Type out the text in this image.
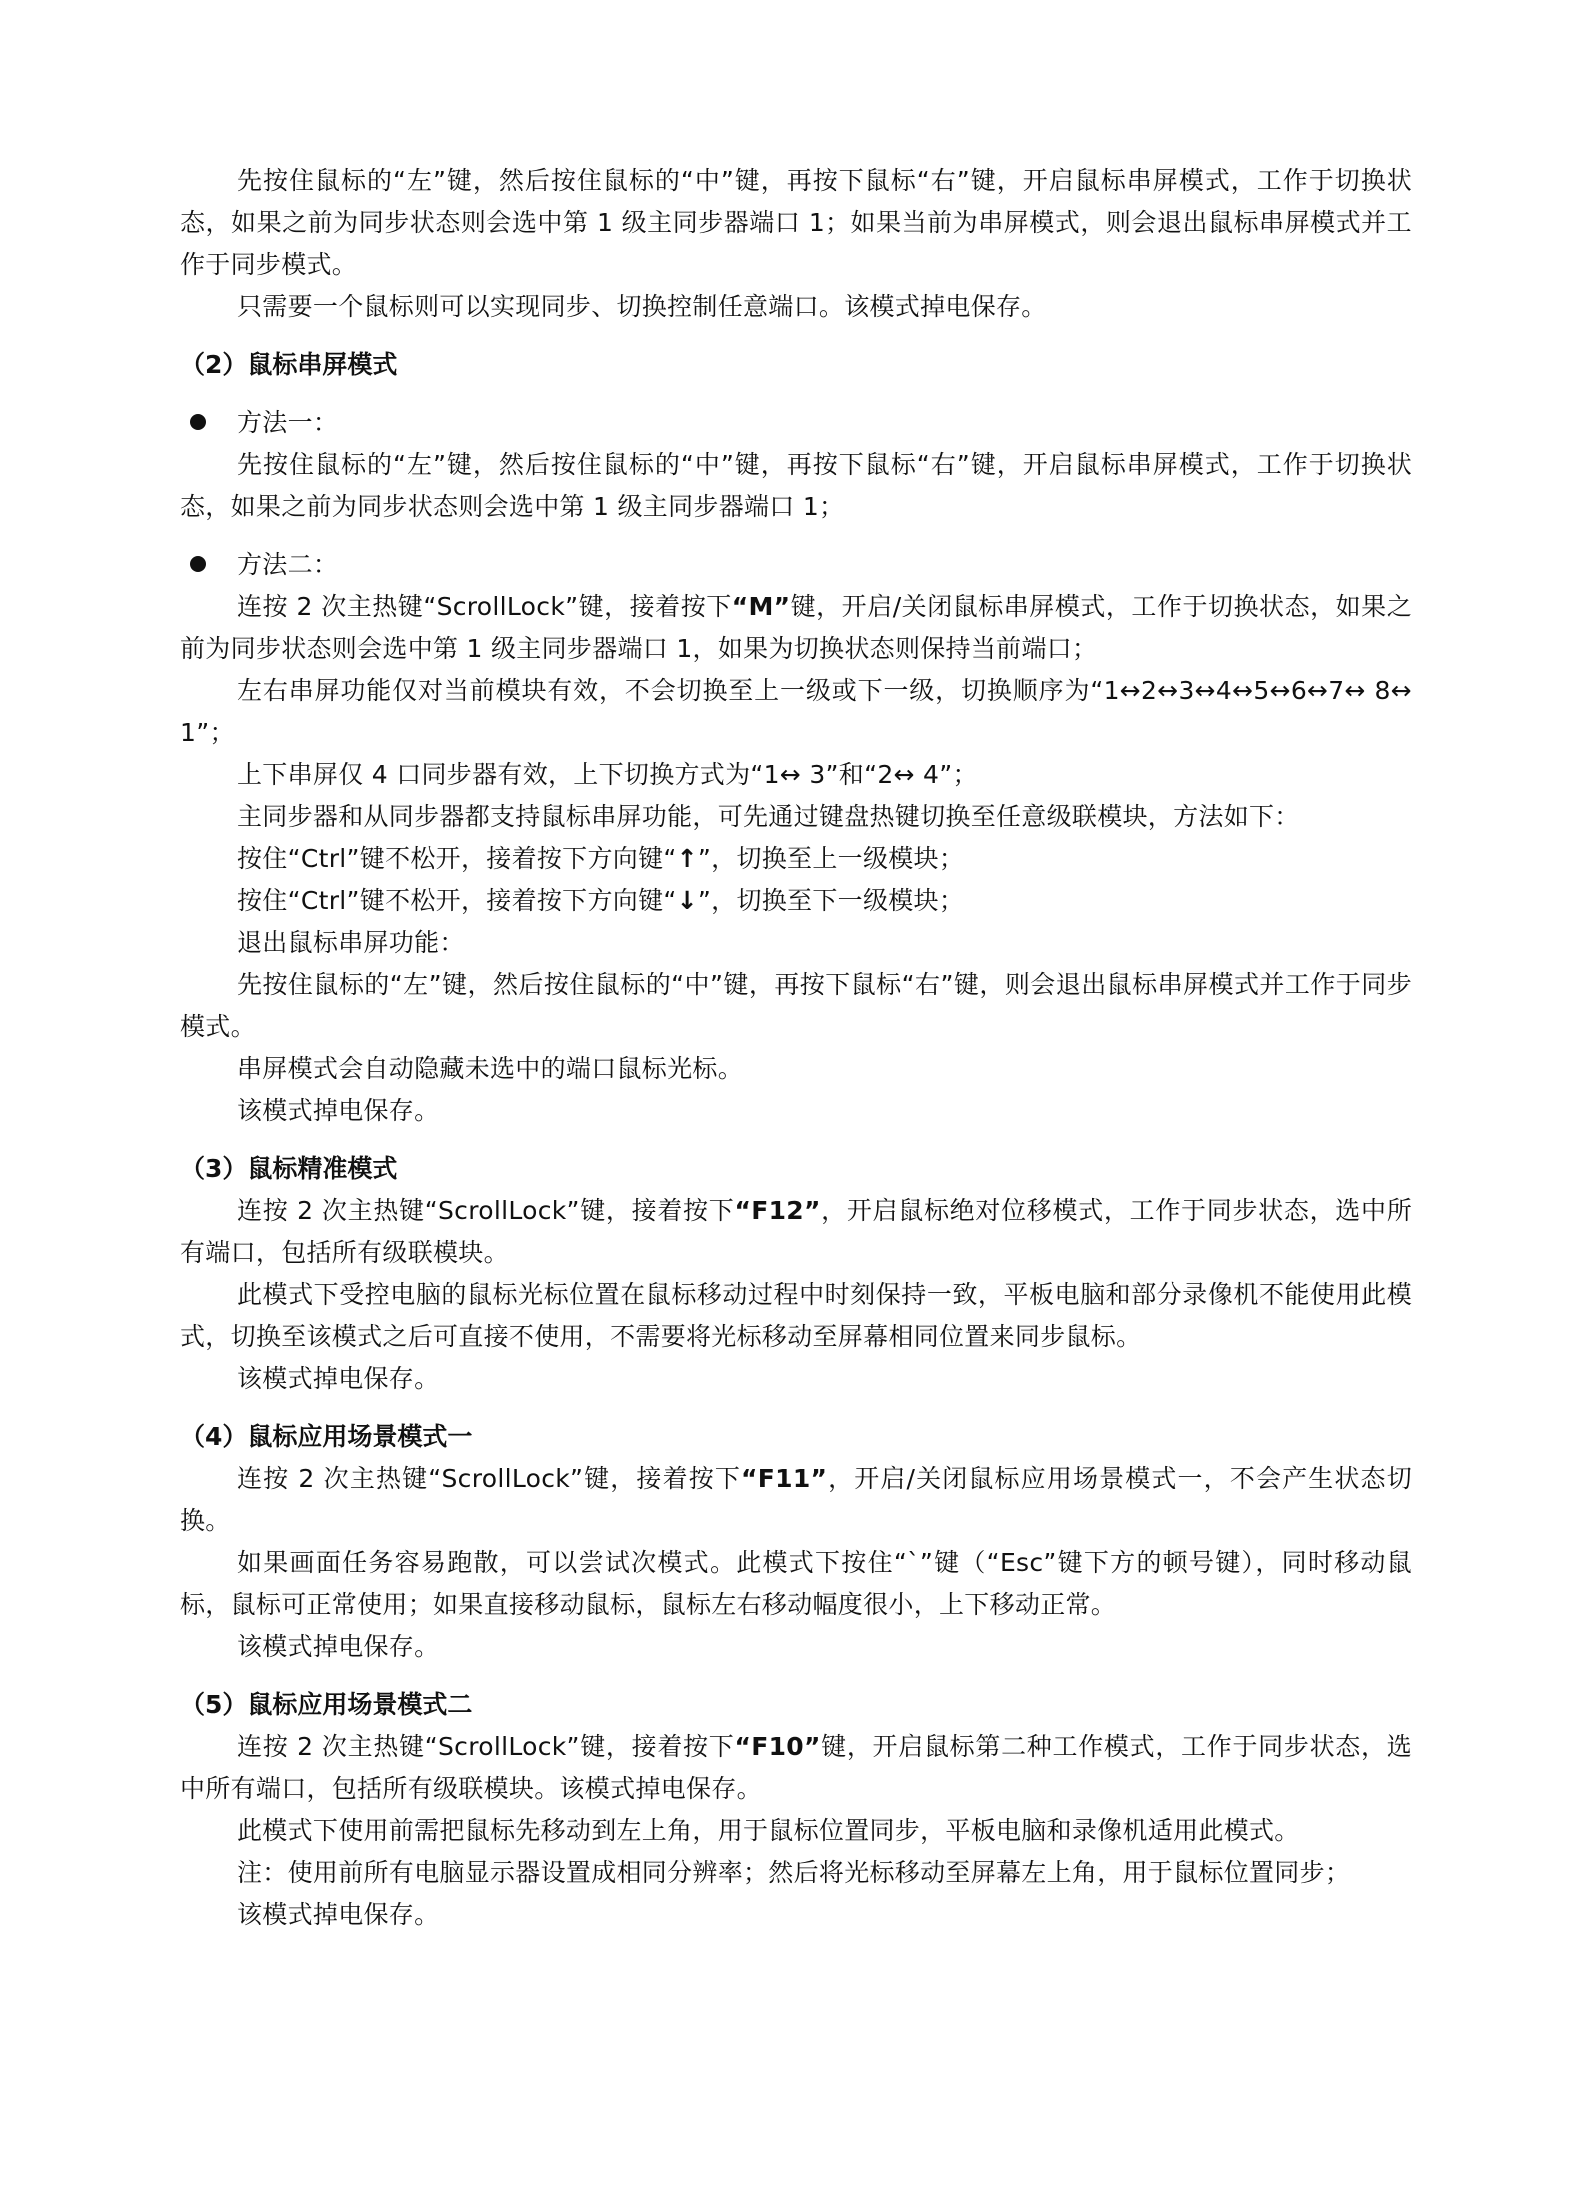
先按住鼠标的“左”键，然后按住鼠标的“中”键，再按下鼠标“右”键，开启鼠标串屏模式，工作于切换状态，如果之前为同步状态则会选中第 1 级主同步器端口 1；如果当前为串屏模式，则会退出鼠标串屏模式并工作于同步模式。

只需要一个鼠标则可以实现同步、切换控制任意端口。该模式掉电保存。

（2）鼠标串屏模式

方法一：

先按住鼠标的“左”键，然后按住鼠标的“中”键，再按下鼠标“右”键，开启鼠标串屏模式，工作于切换状态，如果之前为同步状态则会选中第 1 级主同步器端口 1；

方法二：

连按 2 次主热键“ScrollLock”键，接着按下“M”键，开启/关闭鼠标串屏模式，工作于切换状态，如果之前为同步状态则会选中第 1 级主同步器端口 1，如果为切换状态则保持当前端口；

左右串屏功能仅对当前模块有效，不会切换至上一级或下一级，切换顺序为“1↔2↔3↔4↔5↔6↔7↔ 8↔ 1”；

上下串屏仅 4 口同步器有效，上下切换方式为“1↔ 3”和“2↔ 4”；

主同步器和从同步器都支持鼠标串屏功能，可先通过键盘热键切换至任意级联模块，方法如下：

按住“Ctrl”键不松开，接着按下方向键“↑”，切换至上一级模块；

按住“Ctrl”键不松开，接着按下方向键“↓”，切换至下一级模块；

退出鼠标串屏功能：

先按住鼠标的“左”键，然后按住鼠标的“中”键，再按下鼠标“右”键，则会退出鼠标串屏模式并工作于同步模式。

串屏模式会自动隐藏未选中的端口鼠标光标。

该模式掉电保存。

（3）鼠标精准模式

连按 2 次主热键“ScrollLock”键，接着按下“F12”，开启鼠标绝对位移模式，工作于同步状态，选中所有端口，包括所有级联模块。

此模式下受控电脑的鼠标光标位置在鼠标移动过程中时刻保持一致，平板电脑和部分录像机不能使用此模式，切换至该模式之后可直接不使用，不需要将光标移动至屏幕相同位置来同步鼠标。

该模式掉电保存。

（4）鼠标应用场景模式一

连按 2 次主热键“ScrollLock”键，接着按下“F11”，开启/关闭鼠标应用场景模式一，不会产生状态切换。

如果画面任务容易跑散，可以尝试次模式。此模式下按住“`”键（“Esc”键下方的顿号键），同时移动鼠标，鼠标可正常使用；如果直接移动鼠标，鼠标左右移动幅度很小，上下移动正常。

该模式掉电保存。

（5）鼠标应用场景模式二

连按 2 次主热键“ScrollLock”键，接着按下“F10”键，开启鼠标第二种工作模式，工作于同步状态，选中所有端口，包括所有级联模块。该模式掉电保存。

此模式下使用前需把鼠标先移动到左上角，用于鼠标位置同步，平板电脑和录像机适用此模式。

注：使用前所有电脑显示器设置成相同分辨率；然后将光标移动至屏幕左上角，用于鼠标位置同步；

该模式掉电保存。
